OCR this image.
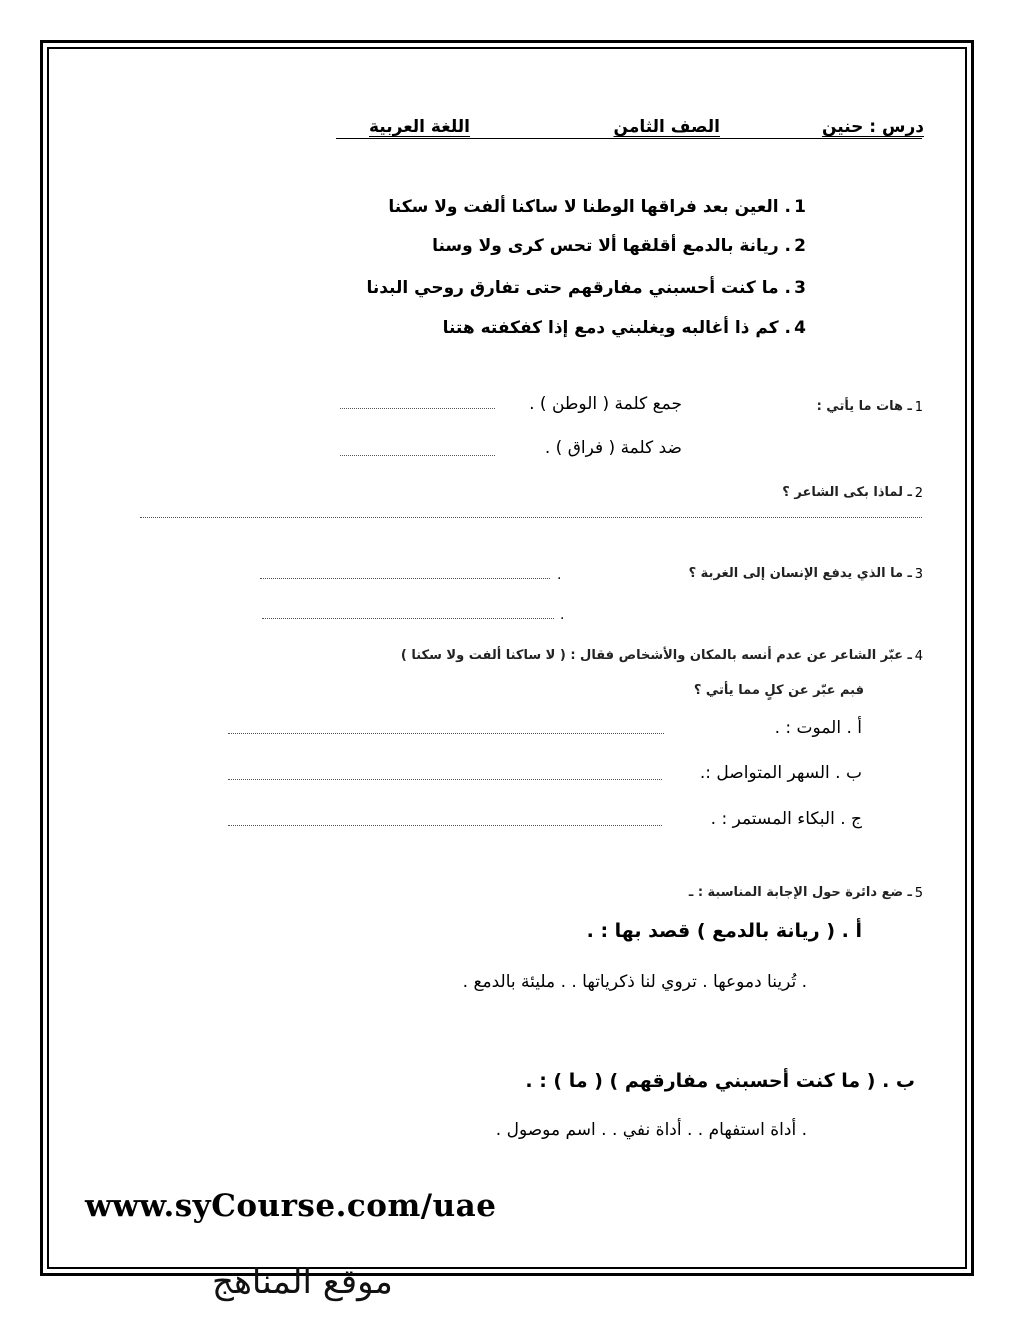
درس : حنين
الصف الثامن
اللغة العربية
1
. العين بعد فراقها الوطنا لا ساكنا ألفت ولا سكنا
2
. ريانة بالدمع أقلقها ألا تحس كرى ولا وسنا
3
. ما كنت أحسبني مفارقهم حتى تفارق روحي البدنا
4
. كم ذا أغالبه ويغلبني دمع إذا كفكفته هتنا
1
ـ هات ما يأتي :
جمع كلمة ( الوطن ) .
ضد كلمة ( فراق ) .
2
ـ لماذا بكى الشاعر ؟
3
ـ ما الذي يدفع الإنسان إلى الغربة ؟
.
.
4
ـ عبّر الشاعر عن عدم أنسه بالمكان والأشخاص فقال : ( لا ساكنا ألفت ولا سكنا )
فبم عبّر عن كلٍ مما يأتي ؟
أ . الموت : .
ب . السهر المتواصل :.
ج . البكاء المستمر : .
5
ـ ضع دائرة حول الإجابة المناسبة : ـ
أ . ( ريانة بالدمع ) قصد بها : .
. تُرينا دموعها . تروي لنا ذكرياتها . . مليئة بالدمع .
ب . ( ما كنت أحسبني مفارقهم ) ( ما ) : .
. أداة استفهام . . أداة نفي . . اسم موصول .
www.syCourse.com/uae
موقع المناهج
